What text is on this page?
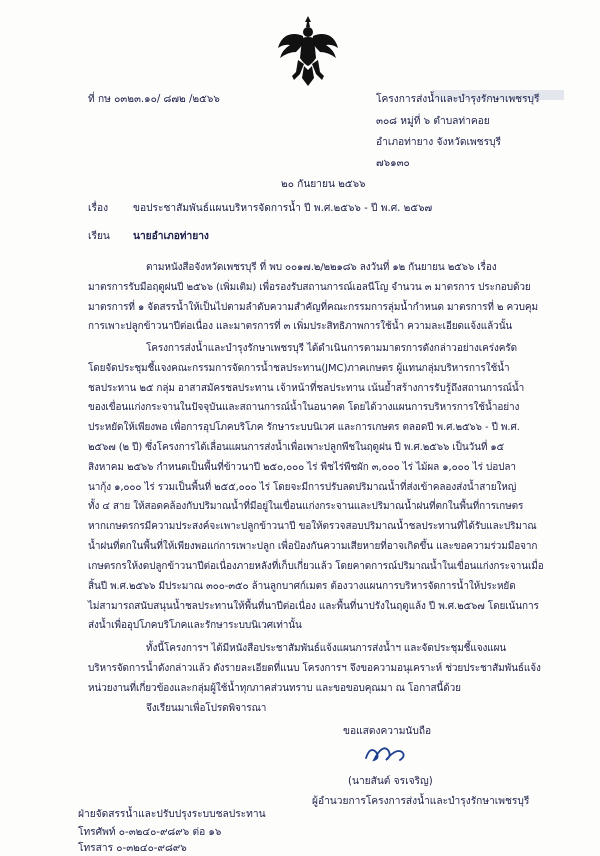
ที่ กษ ๐๓๒๓.๑๐/ ๘๗๒ /๒๕๖๖	โครงการส่งน้ำและบำรุงรักษาเพชรบุรี
๓๐๘ หมู่ที่ ๖ ตำบลท่าคอย
อำเภอท่ายาง จังหวัดเพชรบุรี
๗๖๑๓๐
๒๐ กันยายน ๒๕๖๖
เรื่อง ขอประชาสัมพันธ์แผนบริหารจัดการน้ำ ปี พ.ศ.๒๕๖๖ - ปี พ.ศ. ๒๕๖๗
เรียน นายอำเภอท่ายาง
ตามหนังสือจังหวัดเพชรบุรี ที่ พบ ๐๐๑๗.๒/๒๒๑๘๖ ลงวันที่ ๑๒ กันยายน ๒๕๖๖ เรื่อง
มาตรการรับมือฤดูฝนปี ๒๕๖๖ (เพิ่มเติม) เพื่อรองรับสถานการณ์เอลนีโญ จำนวน ๓ มาตรการ ประกอบด้วย
มาตรการที่ ๑ จัดสรรน้ำให้เป็นไปตามลำดับความสำคัญที่คณะกรรมการลุ่มน้ำกำหนด มาตรการที่ ๒ ควบคุม
การเพาะปลูกข้าวนาปีต่อเนื่อง และมาตรการที่ ๓ เพิ่มประสิทธิภาพการใช้น้ำ ความละเอียดแจ้งแล้วนั้น
โครงการส่งน้ำและบำรุงรักษาเพชรบุรี ได้ดำเนินการตามมาตรการดังกล่าวอย่างเคร่งครัด
โดยจัดประชุมชี้แจงคณะกรรมการจัดการน้ำชลประทาน(JMC)ภาคเกษตร ผู้แทนกลุ่มบริหารการใช้น้ำ
ชลประทาน ๒๕ กลุ่ม อาสาสมัครชลประทาน เจ้าหน้าที่ชลประทาน เน้นย้ำสร้างการรับรู้ถึงสถานการณ์น้ำ
ของเขื่อนแก่งกระจานในปัจจุบันและสถานการณ์น้ำในอนาคต โดยได้วางแผนการบริหารการใช้น้ำอย่าง
ประหยัดให้เพียงพอ เพื่อการอุปโภคบริโภค รักษาระบบนิเวศ และการเกษตร ตลอดปี พ.ศ.๒๕๖๖ - ปี พ.ศ.
๒๕๖๗ (๒ ปี) ซึ่งโครงการได้เลื่อนแผนการส่งน้ำเพื่อเพาะปลูกพืชในฤดูฝน ปี พ.ศ.๒๕๖๖ เป็นวันที่ ๑๕
สิงหาคม ๒๕๖๖ กำหนดเป็นพื้นที่ข้าวนาปี ๒๕๐,๐๐๐ ไร่ พืชไร่พืชผัก ๓,๐๐๐ ไร่ ไม้ผล ๑,๐๐๐ ไร่ บ่อปลา
นากุ้ง ๑,๐๐๐ ไร่ รวมเป็นพื้นที่ ๒๕๕,๐๐๐ ไร่ โดยจะมีการปรับลดปริมาณน้ำที่ส่งเข้าคลองส่งน้ำสายใหญ่
ทั้ง ๔ สาย ให้สอดคล้องกับปริมาณน้ำที่มีอยู่ในเขื่อนแก่งกระจานและปริมาณน้ำฝนที่ตกในพื้นที่การเกษตร
หากเกษตรกรมีความประสงค์จะเพาะปลูกข้าวนาปี ขอให้ตรวจสอบปริมาณน้ำชลประทานที่ได้รับและปริมาณ
น้ำฝนที่ตกในพื้นที่ให้เพียงพอแก่การเพาะปลูก เพื่อป้องกันความเสียหายที่อาจเกิดขึ้น และขอความร่วมมือจาก
เกษตรกรให้งดปลูกข้าวนาปีต่อเนื่องภายหลังที่เก็บเกี่ยวแล้ว โดยคาดการณ์ปริมาณน้ำในเขื่อนแก่งกระจานเมื่อ
สิ้นปี พ.ศ.๒๕๖๖ มีประมาณ ๓๐๐-๓๕๐ ล้านลูกบาศก์เมตร ต้องวางแผนการบริหารจัดการน้ำให้ประหยัด
ไม่สามารถสนับสนุนน้ำชลประทานให้พื้นที่นาปีต่อเนื่อง และพื้นที่นาปรังในฤดูแล้ง ปี พ.ศ.๒๕๖๗ โดยเน้นการ
ส่งน้ำเพื่ออุปโภคบริโภคและรักษาระบบนิเวศเท่านั้น
ทั้งนี้โครงการฯ ได้มีหนังสือประชาสัมพันธ์แจ้งแผนการส่งน้ำฯ และจัดประชุมชี้แจงแผน
บริหารจัดการน้ำดังกล่าวแล้ว ดังรายละเอียดที่แนบ โครงการฯ จึงขอความอนุเคราะห์ ช่วยประชาสัมพันธ์แจ้ง
หน่วยงานที่เกี่ยวข้องและกลุ่มผู้ใช้น้ำทุกภาคส่วนทราบ และขอขอบคุณมา ณ โอกาสนี้ด้วย
จึงเรียนมาเพื่อโปรดพิจารณา
ขอแสดงความนับถือ
(นายสันต์ จรเจริญ)
ผู้อำนวยการโครงการส่งน้ำและบำรุงรักษาเพชรบุรี
ฝ่ายจัดสรรน้ำและปรับปรุงระบบชลประทาน
โทรศัพท์ ๐-๓๒๔๐-๙๘๙๖ ต่อ ๑๖
โทรสาร ๐-๓๒๔๐-๙๘๙๖
